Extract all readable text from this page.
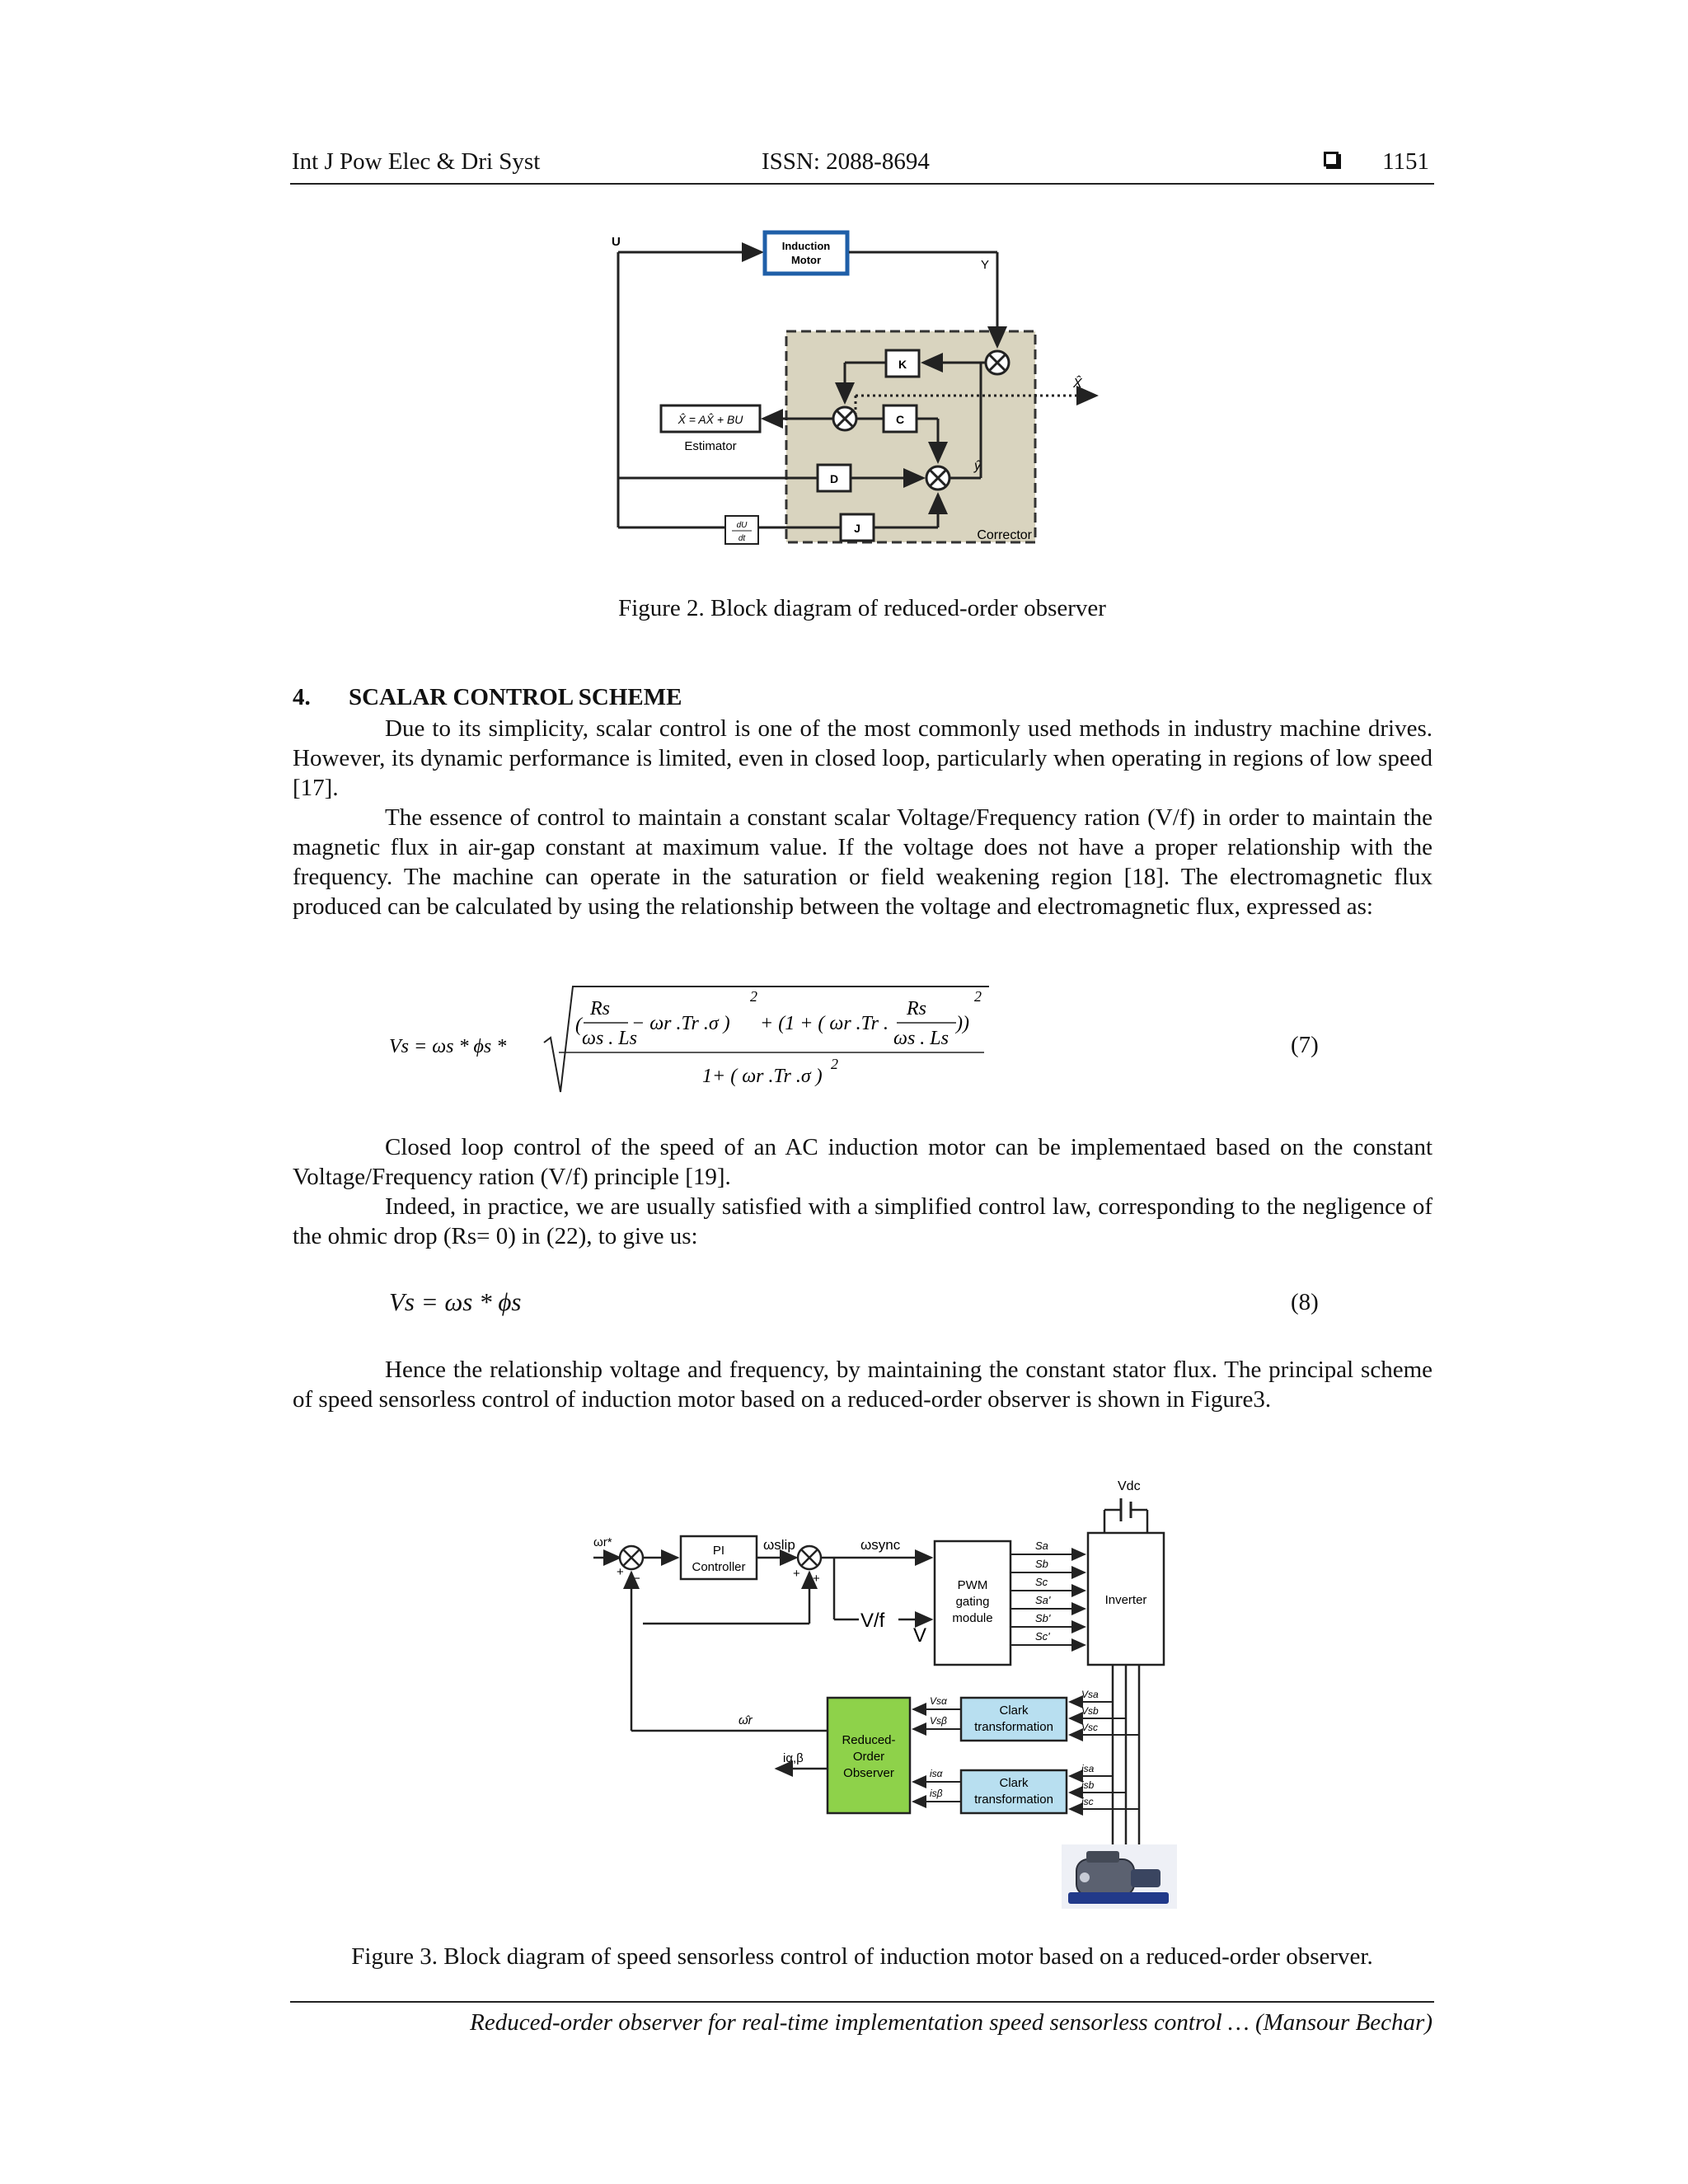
Int J Pow Elec & Dri Syst	ISSN: 2088-8694	1151
U	Induction
Motor	Y
K
X̂ = AX̂ + BU
Estimator
X̂
C
ŷ
D
dU
dt
J	Corrector
Figure 2. Block diagram of reduced-order observer
4. SCALAR CONTROL SCHEME

Due to its simplicity, scalar control is one of the most commonly used methods in industry machine drives. However, its dynamic performance is limited, even in closed loop, particularly when operating in regions of low speed [17].

The essence of control to maintain a constant scalar Voltage/Frequency ration (V/f) in order to maintain the magnetic flux in air-gap constant at maximum value. If the voltage does not have a proper relationship with the frequency. The machine can operate in the saturation or field weakening region [18]. The electromagnetic flux produced can be calculated by using the relationship between the voltage and electromagnetic flux, expressed as:

Vs = ωs * ϕs *
(
Rs
ωs . Ls
− ωr .Tr .σ )
2
+ (1 + ( ωr .Tr .
Rs
ωs . Ls
))
2
1+ ( ωr .Tr .σ )
2
(7)

Closed loop control of the speed of an AC induction motor can be implementaed based on the constant Voltage/Frequency ration (V/f) principle [19].

Indeed, in practice, we are usually satisfied with a simplified control law, corresponding to the negligence of the ohmic drop (Rs= 0) in (22), to give us:

Vs = ωs * ϕs	(8)

Hence the relationship voltage and frequency, by maintaining the constant stator flux. The principal scheme of speed sensorless control of induction motor based on a reduced-order observer is shown in Figure3.

ωr*
+ −
PI
Controller
ωslip
+ +
ωsync
V/f
V
PWM
gating
module
Sa
Sb
Sc
Sa'
Sb'
Sc'
Inverter
Vdc
Vsa
Vsb
Vsc
isa
isb
isc
Clark
transformation
Clark
transformation
Vsα
Vsβ
isα
isβ
Reduced-
Order
Observer
ω̂r
iα,β
Figure 3. Block diagram of speed sensorless control of induction motor based on a reduced-order observer.
Reduced-order observer for real-time implementation speed sensorless control … (Mansour Bechar)
